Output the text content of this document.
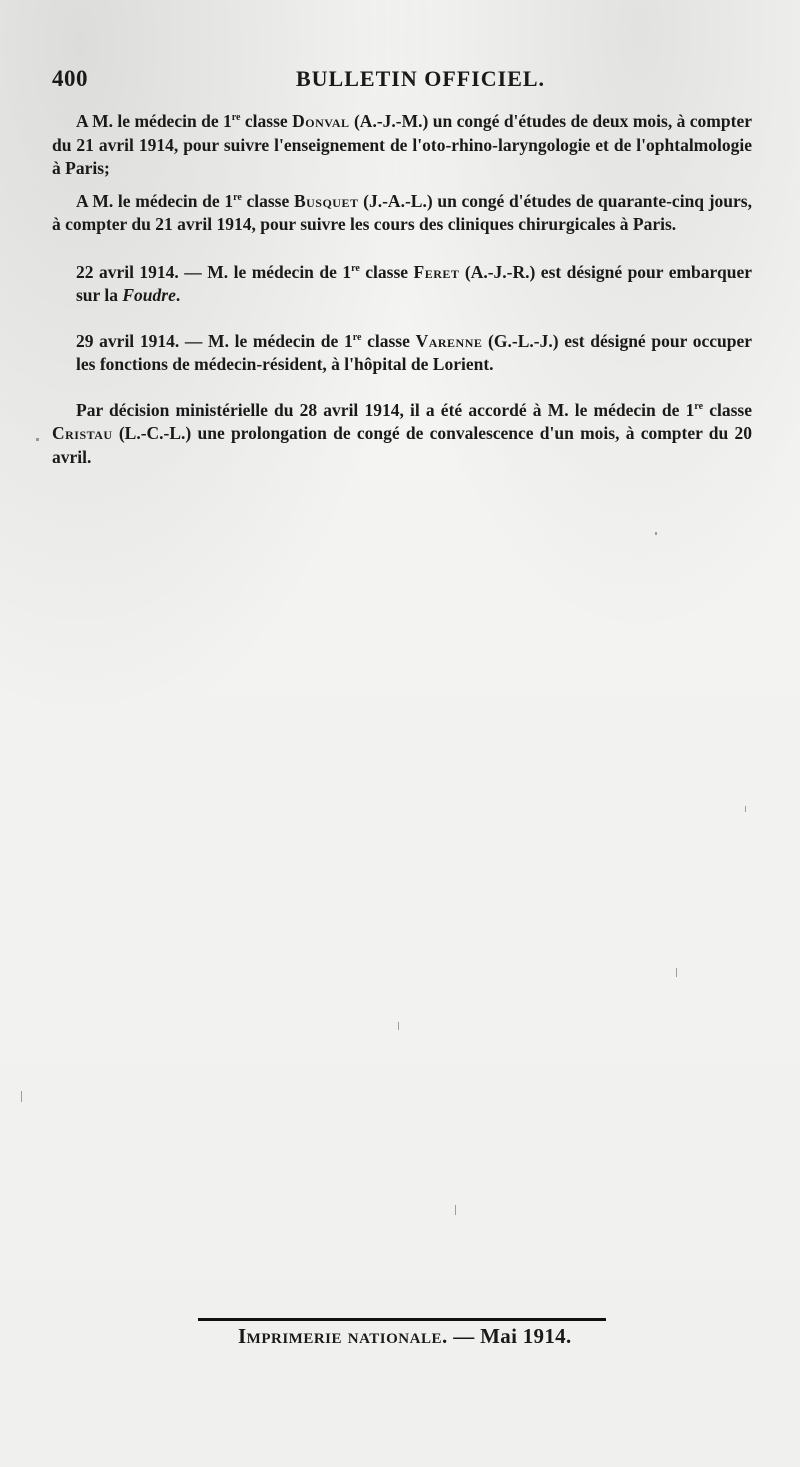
400	BULLETIN OFFICIEL.

A M. le médecin de 1re classe Donval (A.-J.-M.) un congé d'études de deux mois, à compter du 21 avril 1914, pour suivre l'enseignement de l'oto-rhino-laryngologie et de l'ophtalmologie à Paris;

A M. le médecin de 1re classe Busquet (J.-A.-L.) un congé d'études de quarante-cinq jours, à compter du 21 avril 1914, pour suivre les cours des cliniques chirurgicales à Paris.

22 avril 1914. — M. le médecin de 1re classe Feret (A.-J.-R.) est désigné pour embarquer sur la Foudre.

29 avril 1914. — M. le médecin de 1re classe Varenne (G.-L.-J.) est désigné pour occuper les fonctions de médecin-résident, à l'hôpital de Lorient.

Par décision ministérielle du 28 avril 1914, il a été accordé à M. le médecin de 1re classe Cristau (L.-C.-L.) une prolongation de congé de convalescence d'un mois, à compter du 20 avril.

Imprimerie nationale. — Mai 1914.
